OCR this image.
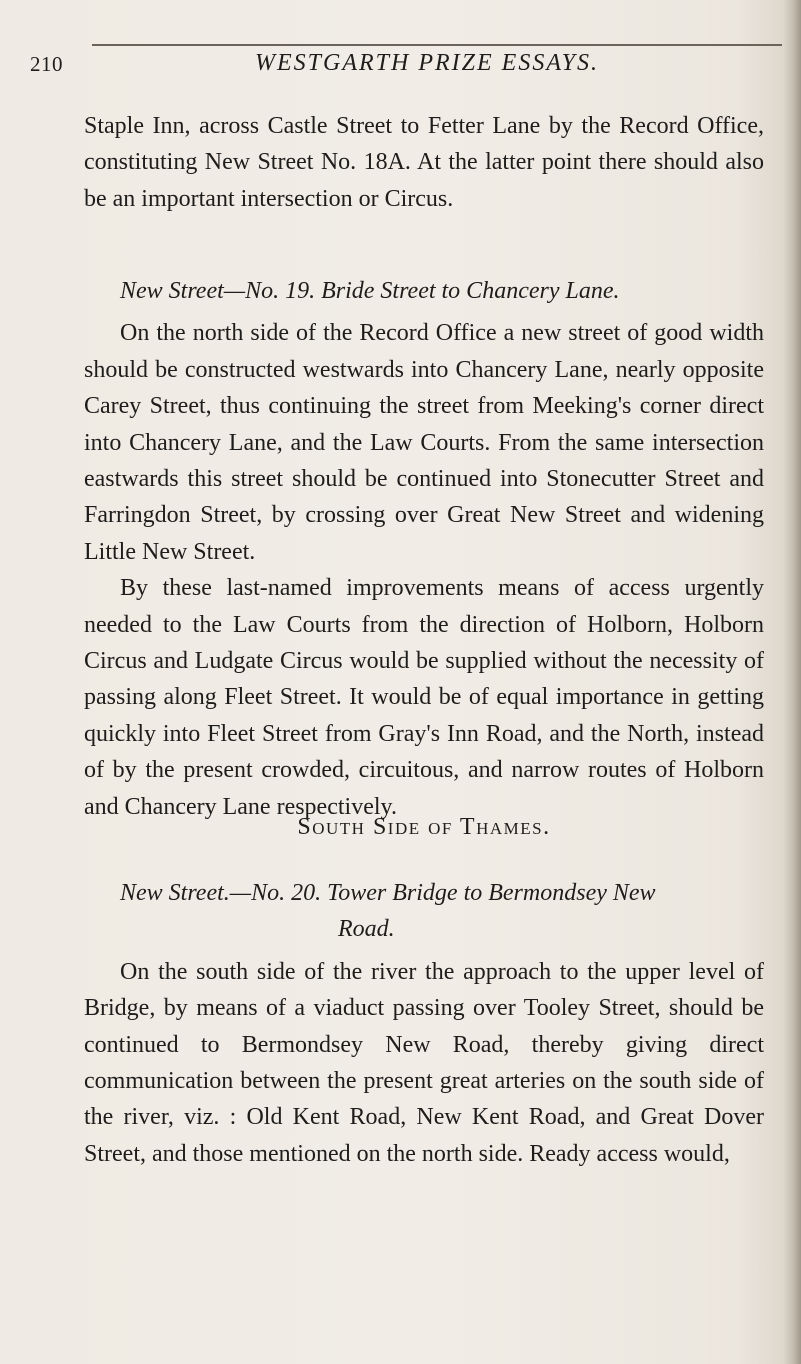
210	WESTGARTH PRIZE ESSAYS.

Staple Inn, across Castle Street to Fetter Lane by the Record Office, constituting New Street No. 18A. At the latter point there should also be an important intersection or Circus.

New Street—No. 19. Bride Street to Chancery Lane.

On the north side of the Record Office a new street of good width should be constructed westwards into Chancery Lane, nearly opposite Carey Street, thus continuing the street from Meeking's corner direct into Chancery Lane, and the Law Courts. From the same intersection eastwards this street should be continued into Stonecutter Street and Farringdon Street, by crossing over Great New Street and widening Little New Street.

By these last-named improvements means of access urgently needed to the Law Courts from the direction of Holborn, Holborn Circus and Ludgate Circus would be supplied without the necessity of passing along Fleet Street. It would be of equal importance in getting quickly into Fleet Street from Gray's Inn Road, and the North, instead of by the present crowded, circuitous, and narrow routes of Holborn and Chancery Lane respectively.

South Side of Thames.

New Street.—No. 20. Tower Bridge to Bermondsey New

Road.

On the south side of the river the approach to the upper level of Bridge, by means of a viaduct passing over Tooley Street, should be continued to Bermondsey New Road, thereby giving direct communication between the present great arteries on the south side of the river, viz. : Old Kent Road, New Kent Road, and Great Dover Street, and those mentioned on the north side. Ready access would,
